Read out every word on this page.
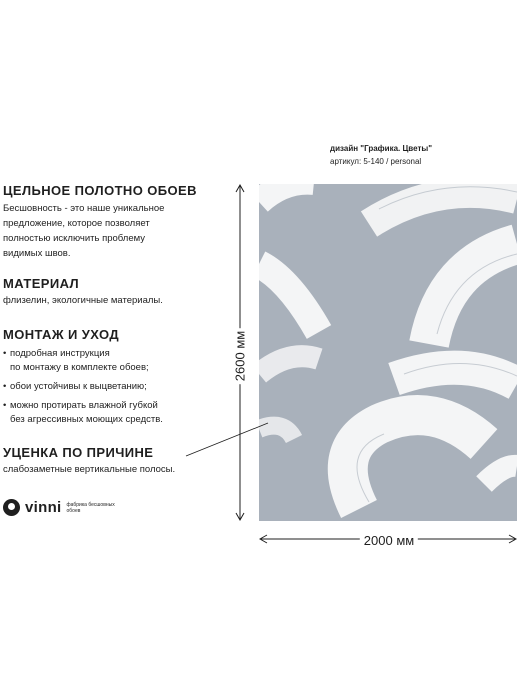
дизайн "Графика. Цветы"
артикул: 5-140 / personal
ЦЕЛЬНОЕ ПОЛОТНО ОБОЕВ
Бесшовность - это наше уникальное
предложение, которое позволяет
полностью исключить проблему
видимых швов.
МАТЕРИАЛ
флизелин, экологичные материалы.
МОНТАЖ И УХОД
• подробная инструкция
по монтажу в комплекте обоев;
• обои устойчивы к выцветанию;
• можно протирать влажной губкой
без агрессивных моющих средств.
УЦЕНКА ПО ПРИЧИНЕ
слабозаметные вертикальные полосы.
vinni фабрика бесшовных обоев
2600 мм
2000 мм
